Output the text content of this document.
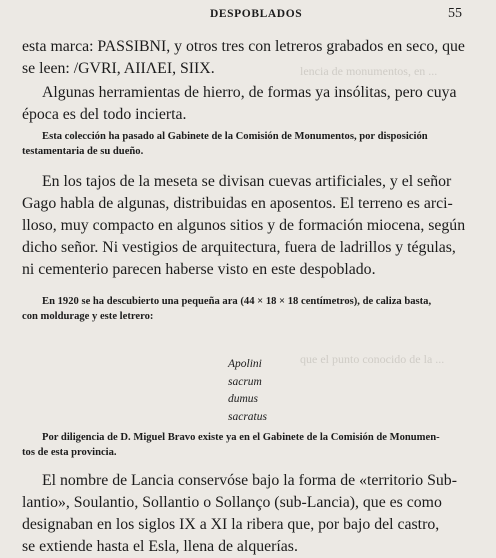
lencia de monumentos, en ...
que el punto conocido de la ...
DESPOBLADOS	55
esta marca: PASSIBNI, y otros tres con letreros grabados en seco, que
se leen: /GVRI, AIIΛEI, SIIX.
Algunas herramientas de hierro, de formas ya insólitas, pero cuya
época es del todo incierta.
Esta colección ha pasado al Gabinete de la Comisión de Monumentos, por disposición
testamentaria de su dueño.
En los tajos de la meseta se divisan cuevas artificiales, y el señor
Gago habla de algunas, distribuidas en aposentos. El terreno es arci-
lloso, muy compacto en algunos sitios y de formación miocena, según
dicho señor. Ni vestigios de arquitectura, fuera de ladrillos y tégulas,
ni cementerio parecen haberse visto en este despoblado.
En 1920 se ha descubierto una pequeña ara (44 × 18 × 18 centímetros), de caliza basta,
con moldurage y este letrero:
Apolini
sacrum
dumus
sacratus
Por diligencia de D. Miguel Bravo existe ya en el Gabinete de la Comisión de Monumen-
tos de esta provincia.
El nombre de Lancia conservóse bajo la forma de «territorio Sub-
lantio», Soulantio, Sollantio o Sollanço (sub-Lancia), que es como
designaban en los siglos IX a XI la ribera que, por bajo del castro,
se extiende hasta el Esla, llena de alquerías.
